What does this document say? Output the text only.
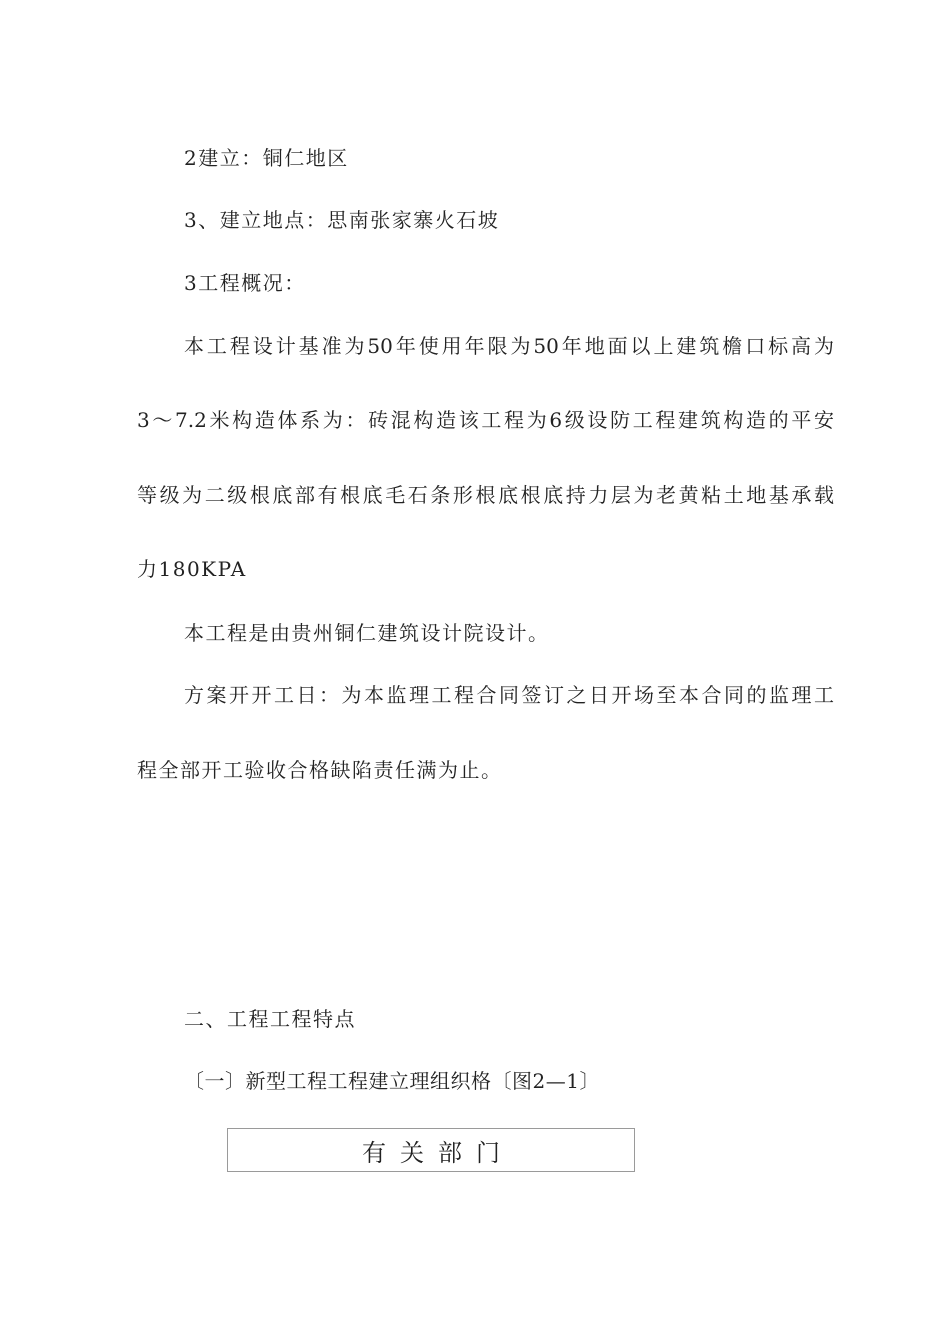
2建立：铜仁地区
3、建立地点：思南张家寨火石坡
3工程概况：
本工程设计基准为50年使用年限为50年地面以上建筑檐口标高为
3～7.2米构造体系为：砖混构造该工程为6级设防工程建筑构造的平安
等级为二级根底部有根底毛石条形根底根底持力层为老黄粘土地基承载
力180KPA
本工程是由贵州铜仁建筑设计院设计。
方案开开工日：为本监理工程合同签订之日开场至本合同的监理工
程全部开工验收合格缺陷责任满为止。
二、工程工程特点
〔一〕新型工程工程建立理组织格〔图2—1〕
有关部门
